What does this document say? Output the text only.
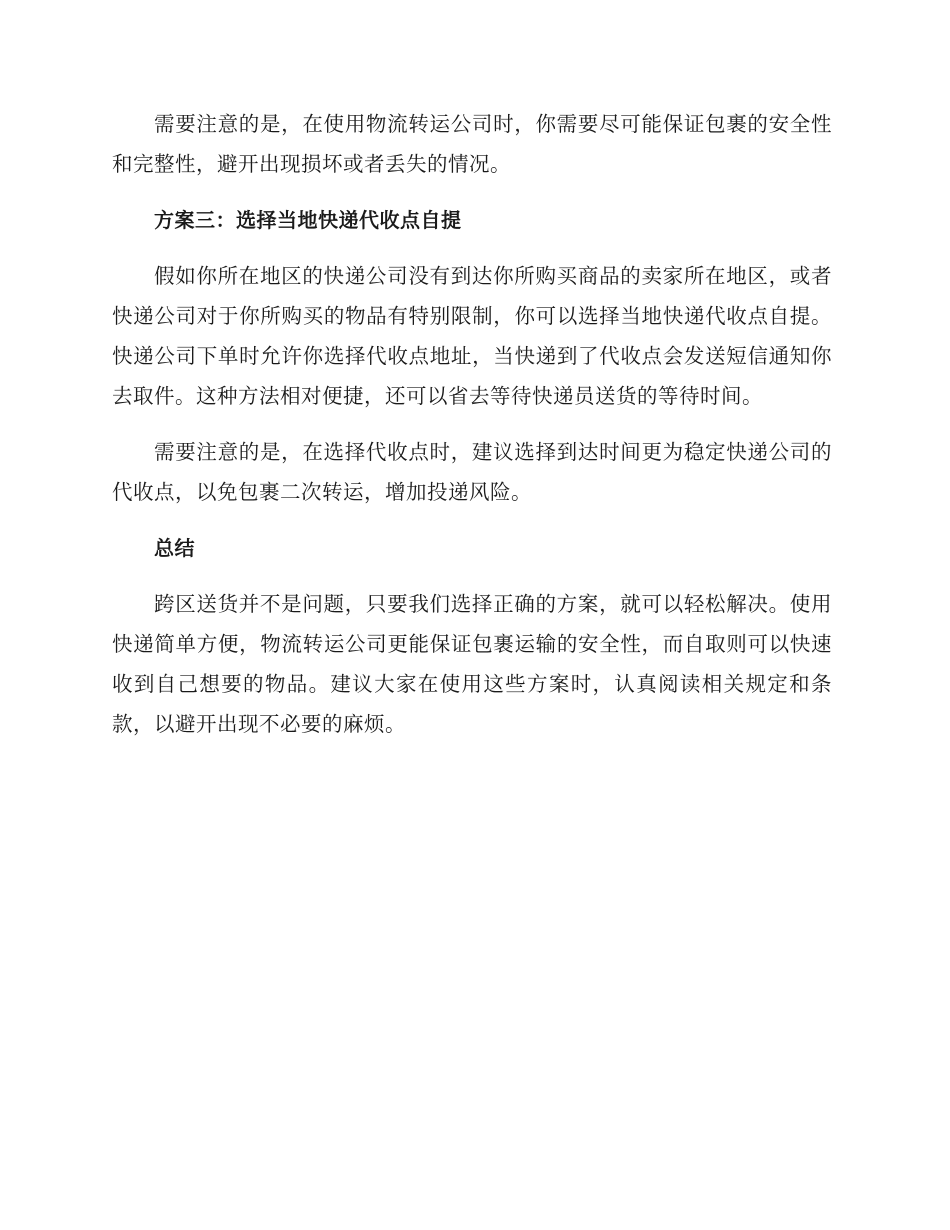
需要注意的是，在使用物流转运公司时，你需要尽可能保证包裹的安全性和完整性，避开出现损坏或者丢失的情况。

方案三：选择当地快递代收点自提

假如你所在地区的快递公司没有到达你所购买商品的卖家所在地区，或者快递公司对于你所购买的物品有特别限制，你可以选择当地快递代收点自提。快递公司下单时允许你选择代收点地址，当快递到了代收点会发送短信通知你去取件。这种方法相对便捷，还可以省去等待快递员送货的等待时间。

需要注意的是，在选择代收点时，建议选择到达时间更为稳定快递公司的代收点，以免包裹二次转运，增加投递风险。

总结

跨区送货并不是问题，只要我们选择正确的方案，就可以轻松解决。使用快递简单方便，物流转运公司更能保证包裹运输的安全性，而自取则可以快速收到自己想要的物品。建议大家在使用这些方案时，认真阅读相关规定和条款，以避开出现不必要的麻烦。
